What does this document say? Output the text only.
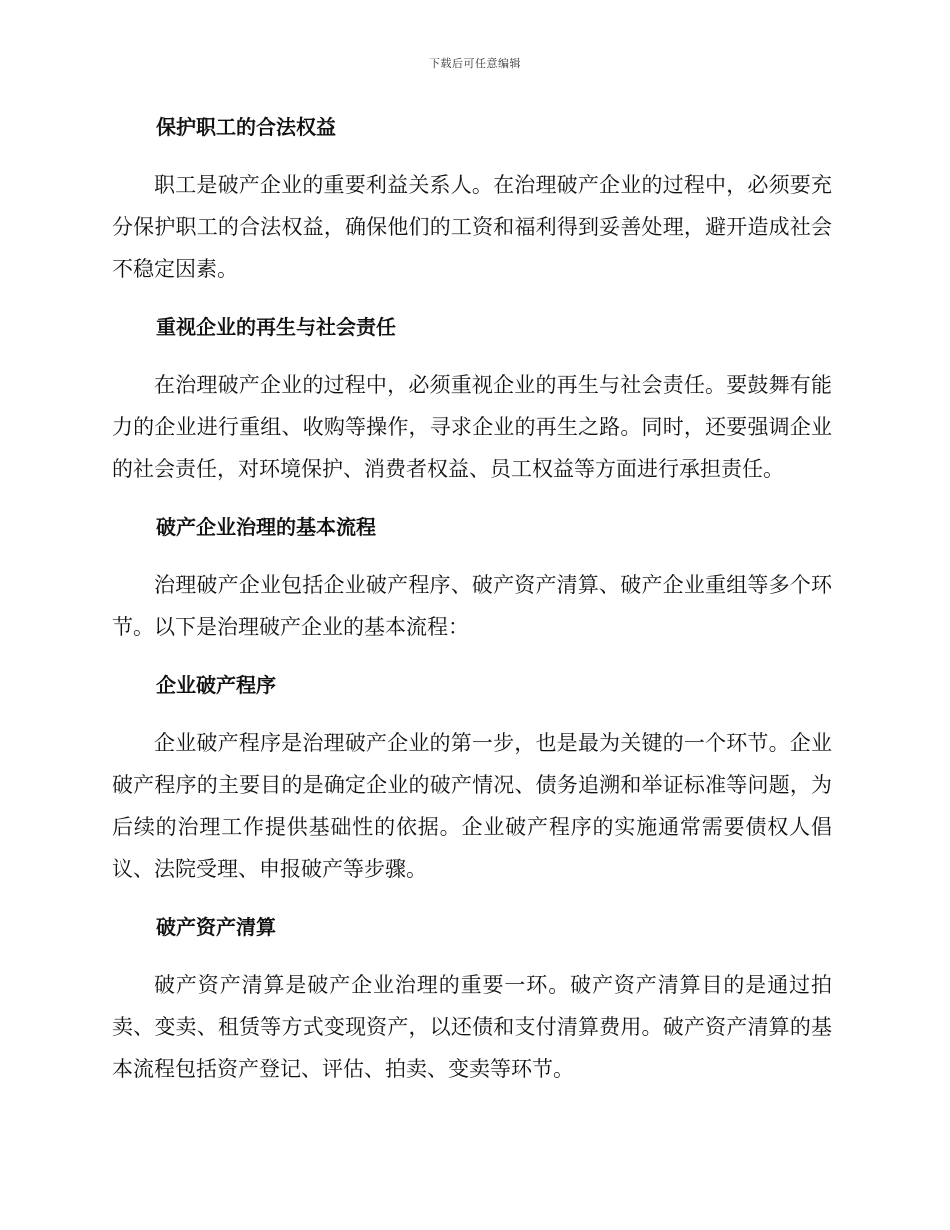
下载后可任意编辑
保护职工的合法权益

职工是破产企业的重要利益关系人。在治理破产企业的过程中，必须要充分保护职工的合法权益，确保他们的工资和福利得到妥善处理，避开造成社会不稳定因素。

重视企业的再生与社会责任

在治理破产企业的过程中，必须重视企业的再生与社会责任。要鼓舞有能力的企业进行重组、收购等操作，寻求企业的再生之路。同时，还要强调企业的社会责任，对环境保护、消费者权益、员工权益等方面进行承担责任。

破产企业治理的基本流程

治理破产企业包括企业破产程序、破产资产清算、破产企业重组等多个环节。以下是治理破产企业的基本流程：

企业破产程序

企业破产程序是治理破产企业的第一步，也是最为关键的一个环节。企业破产程序的主要目的是确定企业的破产情况、债务追溯和举证标准等问题，为后续的治理工作提供基础性的依据。企业破产程序的实施通常需要债权人倡议、法院受理、申报破产等步骤。

破产资产清算

破产资产清算是破产企业治理的重要一环。破产资产清算目的是通过拍卖、变卖、租赁等方式变现资产，以还债和支付清算费用。破产资产清算的基本流程包括资产登记、评估、拍卖、变卖等环节。
